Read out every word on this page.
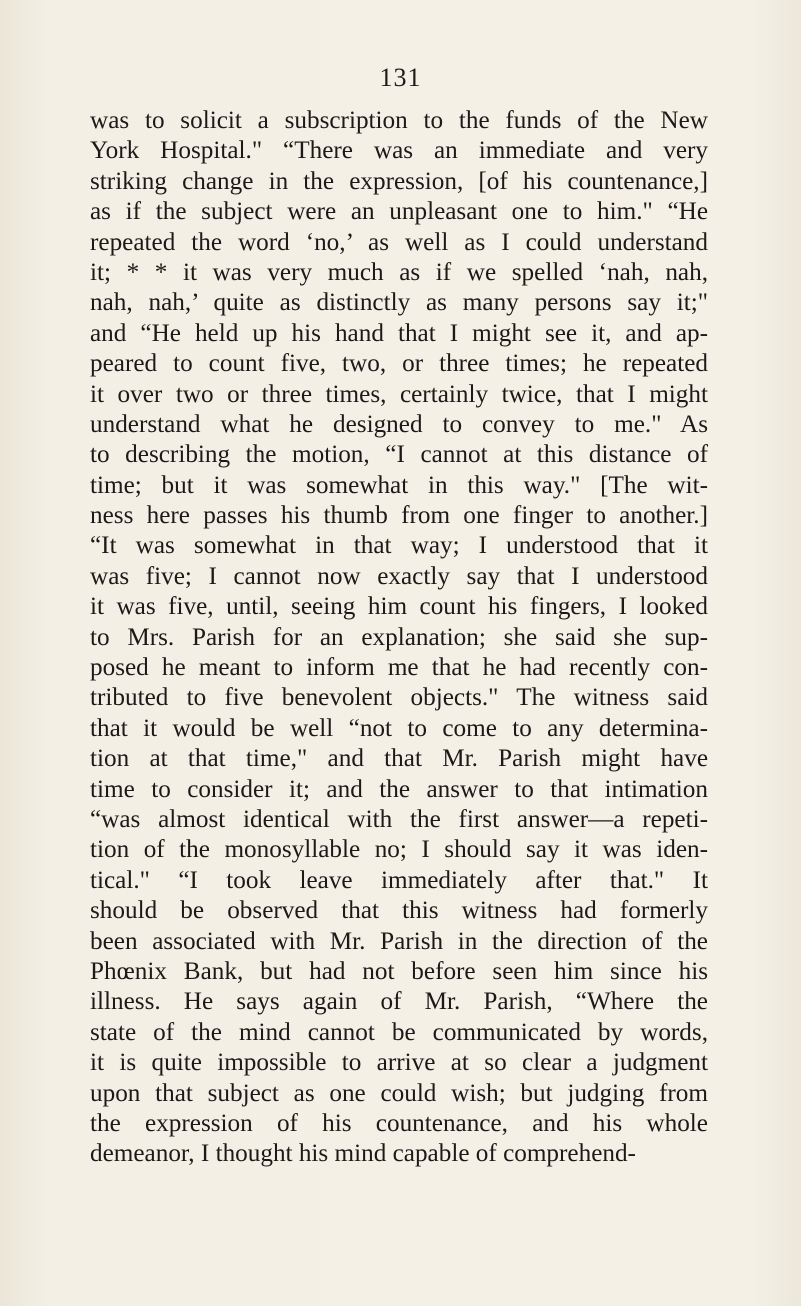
131
was to solicit a subscription to the funds of the New
York Hospital." “There was an immediate and very
striking change in the expression, [of his countenance,]
as if the subject were an unpleasant one to him." “He
repeated the word ‘no,’ as well as I could understand
it; * * it was very much as if we spelled ‘nah, nah,
nah, nah,’ quite as distinctly as many persons say it;"
and “He held up his hand that I might see it, and ap-
peared to count five, two, or three times; he repeated
it over two or three times, certainly twice, that I might
understand what he designed to convey to me." As
to describing the motion, “I cannot at this distance of
time; but it was somewhat in this way." [The wit-
ness here passes his thumb from one finger to another.]
“It was somewhat in that way; I understood that it
was five; I cannot now exactly say that I understood
it was five, until, seeing him count his fingers, I looked
to Mrs. Parish for an explanation; she said she sup-
posed he meant to inform me that he had recently con-
tributed to five benevolent objects." The witness said
that it would be well “not to come to any determina-
tion at that time," and that Mr. Parish might have
time to consider it; and the answer to that intimation
“was almost identical with the first answer—a repeti-
tion of the monosyllable no; I should say it was iden-
tical." “I took leave immediately after that." It
should be observed that this witness had formerly
been associated with Mr. Parish in the direction of the
Phœnix Bank, but had not before seen him since his
illness. He says again of Mr. Parish, “Where the
state of the mind cannot be communicated by words,
it is quite impossible to arrive at so clear a judgment
upon that subject as one could wish; but judging from
the expression of his countenance, and his whole
demeanor, I thought his mind capable of comprehend-
